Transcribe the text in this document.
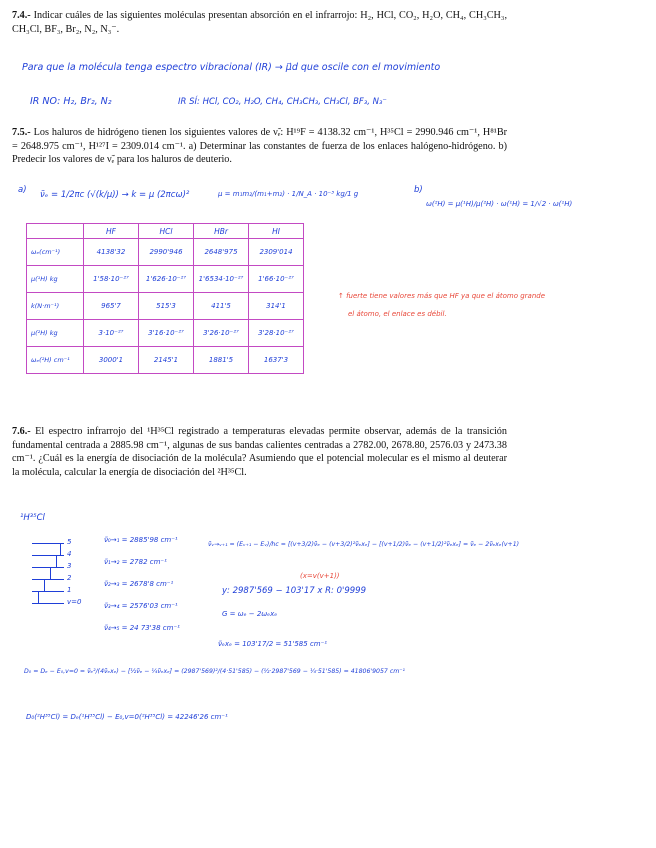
7.4.- Indicar cuáles de las siguientes moléculas presentan absorción en el infrarrojo: H₂, HCl, CO₂, H₂O, CH₄, CH₃CH₃, CH₃Cl, BF₃, Br₂, N₂, N₃⁻.
Para que la molécula tenga espectro vibracional (IR) → μ⃗d que oscile con el movimiento
IR NO: H₂, Br₂, N₂	IR SÍ: HCl, CO₂, H₂O, CH₄, CH₃CH₃, CH₃Cl, BF₃, N₃⁻
7.5.- Los haluros de hidrógeno tienen los siguientes valores de ν̃ₑ: H¹⁹F = 4138.32 cm⁻¹, H³⁵Cl = 2990.946 cm⁻¹, H⁸¹Br = 2648.975 cm⁻¹, H¹²⁷I = 2309.014 cm⁻¹. a) Determinar las constantes de fuerza de los enlaces halógeno-hidrógeno. b) Predecir los valores de ν̃ₑ para los haluros de deuterio.
a) ν̃ₑ = 1/2πc (√(k/μ)) → k = μ (2πcω)²	μ = m₁m₂/(m₁+m₂) · 1/N_A · 10⁻³ kg/1 g	b)
ω(²H) = μ(¹H)/μ(²H) · ω(¹H) = 1/√2 · ω(¹H)
	HF	HCl	HBr	HI
ωₑ(cm⁻¹)	4138'32	2990'946	2648'975	2309'014
μ(¹H) kg	1'58·10⁻²⁷	1'626·10⁻²⁷	1'6534·10⁻²⁷	1'66·10⁻²⁷
k(N·m⁻¹)	965'7	515'3	411'5	314'1
μ(²H) kg	3·10⁻²⁷	3'16·10⁻²⁷	3'26·10⁻²⁷	3'28·10⁻²⁷
ωₑ(²H) cm⁻¹	3000'1	2145'1	1881'5	1637'3
↑ fuerte tiene valores más que HF ya que el átomo grande
el átomo, el enlace es débil.
7.6.- El espectro infrarrojo del ¹H³⁵Cl registrado a temperaturas elevadas permite observar, además de la transición fundamental centrada a 2885.98 cm⁻¹, algunas de sus bandas calientes centradas a 2782.00, 2678.80, 2576.03 y 2473.38 cm⁻¹. ¿Cuál es la energía de disociación de la molécula? Asumiendo que el potencial molecular es el mismo al deuterar la molécula, calcular la energía de disociación del ²H³⁵Cl.
¹H³⁵Cl
5
4
3
2
1
v=0
ν̃₀→₁ = 2885'98 cm⁻¹
ν̃₁→₂ = 2782 cm⁻¹
ν̃₂→₃ = 2678'8 cm⁻¹
ν̃₃→₄ = 2576'03 cm⁻¹
ν̃₄→₅ = 24 73'38 cm⁻¹
ν̃ᵥ→ᵥ₊₁ = (Eᵥ₊₁ − Eᵥ)/hc = [(v+3/2)ν̃ₑ − (v+3/2)²ν̃ₑxₑ] − [(v+1/2)ν̃ₑ − (v+1/2)²ν̃ₑxₑ] = ν̃ₑ − 2ν̃ₑxₑ(v+1)
(x=v(v+1))
y: 2987'569 − 103'17 x R: 0'9999
G = ωₑ − 2ωₑxₑ
ν̃ₑxₑ = 103'17/2 = 51'585 cm⁻¹
D₀ = Dₑ − E₀,v=0 = ν̃ₑ²/(4ν̃ₑxₑ) − [½ν̃ₑ − ¼ν̃ₑxₑ] = (2987'569)²/(4·51'585) − (½·2987'569 − ¼·51'585) = 41806'9057 cm⁻¹
D₀(²H³⁵Cl) = Dₑ(¹H³⁵Cl) − E₀,v=0(²H³⁵Cl) = 42246'26 cm⁻¹
